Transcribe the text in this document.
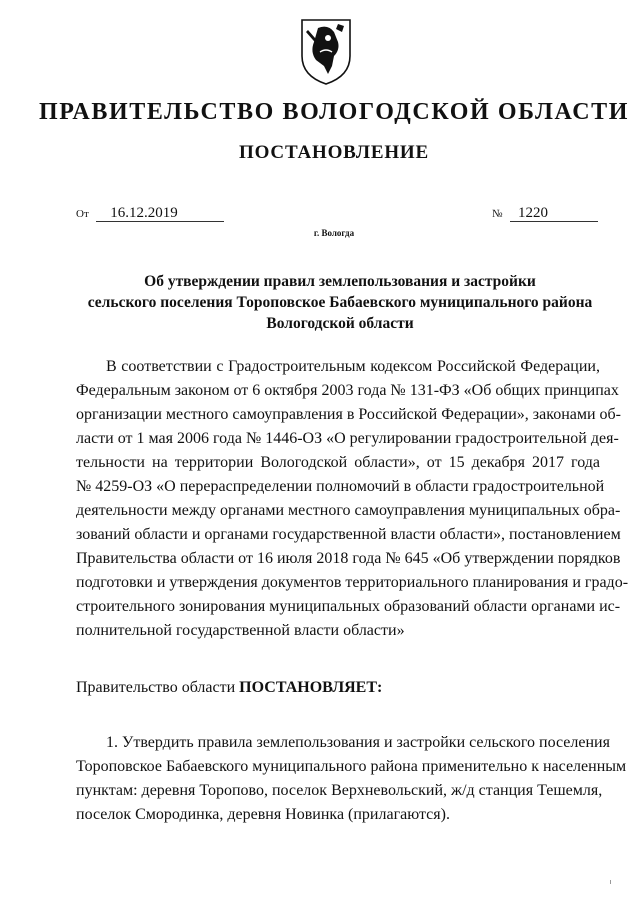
ПРАВИТЕЛЬСТВО ВОЛОГОДСКОЙ ОБЛАСТИ
ПОСТАНОВЛЕНИЕ
От 16.12.2019	№ 1220
г. Вологда
Об утверждении правил землепользования и застройки
сельского поселения Тороповское Бабаевского муниципального района
Вологодской области
В соответствии с Градостроительным кодексом Российской Федерации,
Федеральным законом от 6 октября 2003 года № 131-ФЗ «Об общих принципах
организации местного самоуправления в Российской Федерации», законами об-
ласти от 1 мая 2006 года № 1446-ОЗ «О регулировании градостроительной дея-
тельности на территории Вологодской области», от 15 декабря 2017 года
№ 4259-ОЗ «О перераспределении полномочий в области градостроительной
деятельности между органами местного самоуправления муниципальных обра-
зований области и органами государственной власти области», постановлением
Правительства области от 16 июля 2018 года № 645 «Об утверждении порядков
подготовки и утверждения документов территориального планирования и градо-
строительного зонирования муниципальных образований области органами ис-
полнительной государственной власти области»
Правительство области ПОСТАНОВЛЯЕТ:
1. Утвердить правила землепользования и застройки сельского поселения
Тороповское Бабаевского муниципального района применительно к населенным
пунктам: деревня Торопово, поселок Верхневольский, ж/д станция Тешемля,
поселок Смородинка, деревня Новинка (прилагаются).
